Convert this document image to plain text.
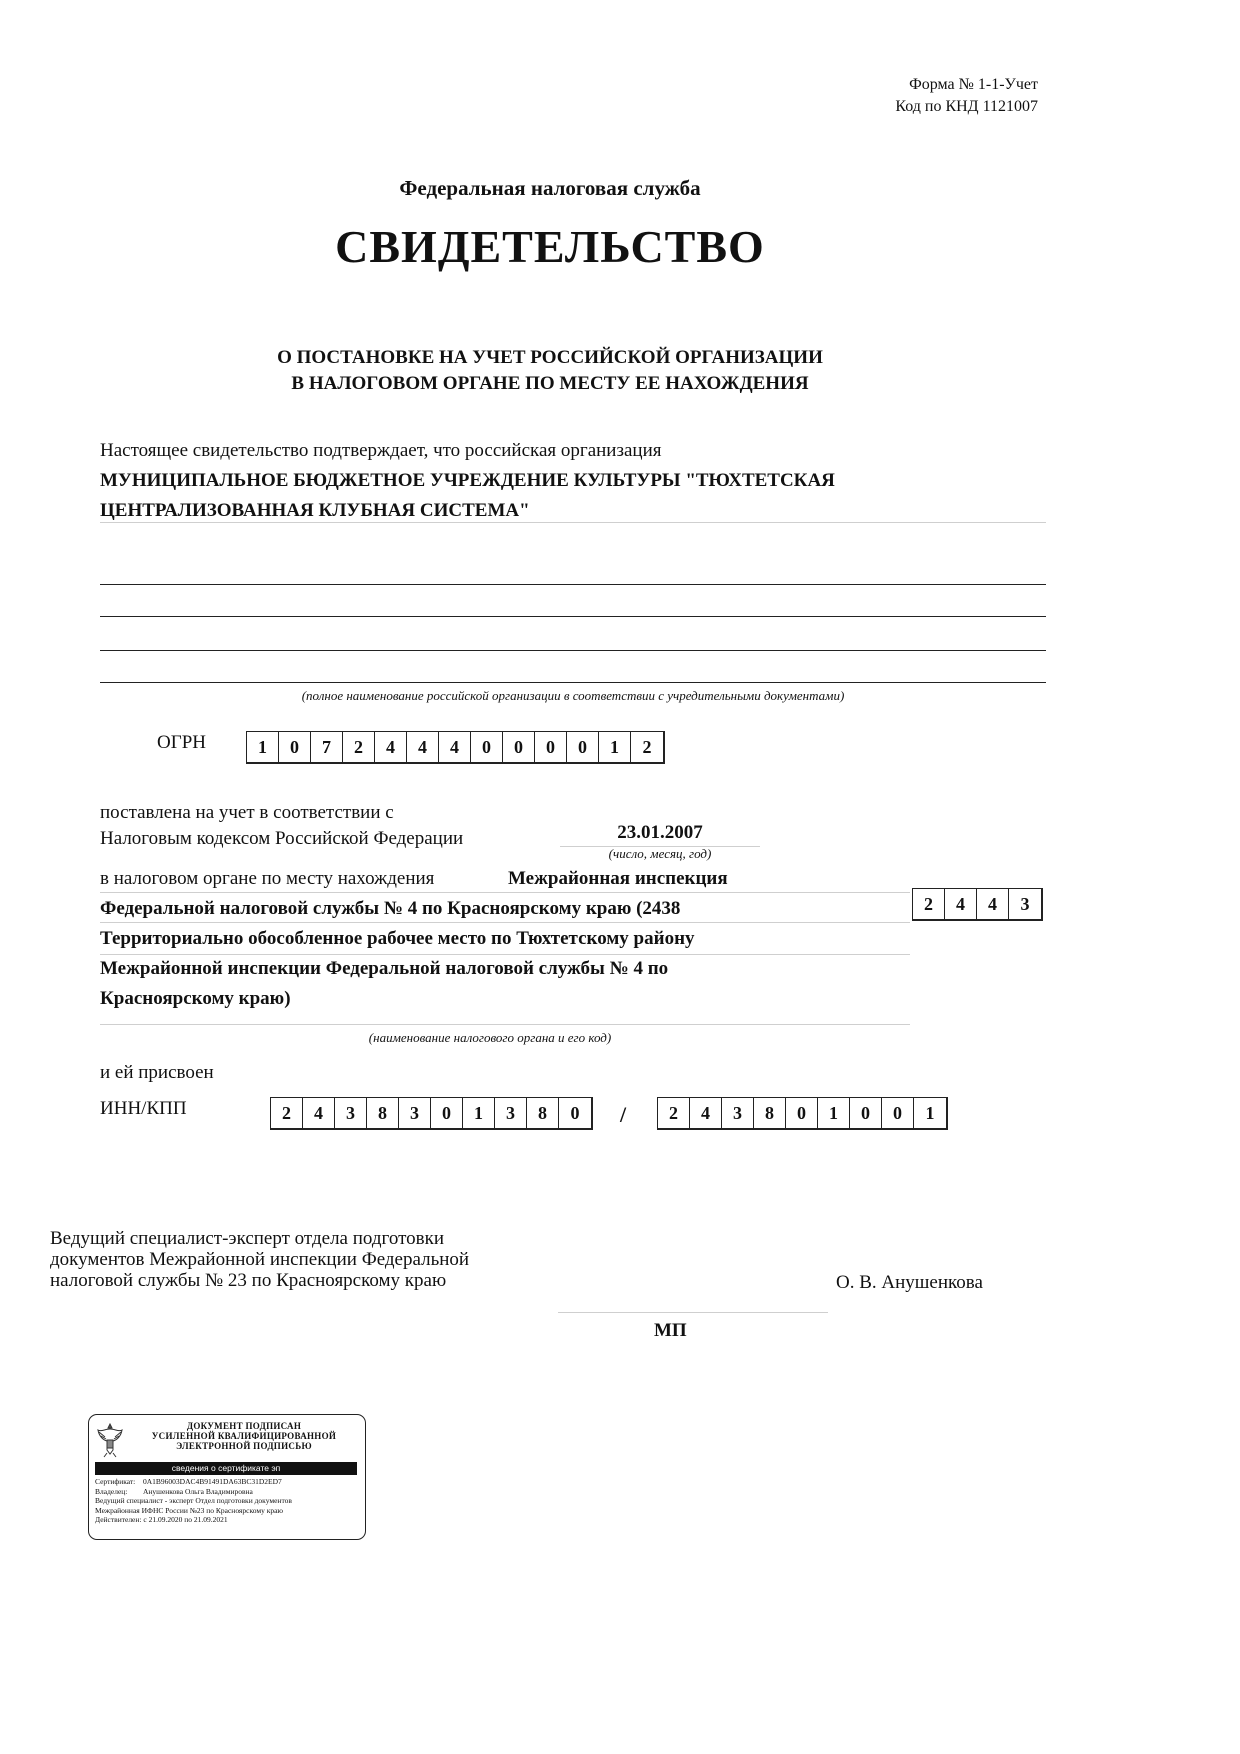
Форма № 1-1-Учет
Код по КНД 1121007
Федеральная налоговая служба
СВИДЕТЕЛЬСТВО
О ПОСТАНОВКЕ НА УЧЕТ РОССИЙСКОЙ ОРГАНИЗАЦИИ
В НАЛОГОВОМ ОРГАНЕ ПО МЕСТУ ЕЕ НАХОЖДЕНИЯ
Настоящее свидетельство подтверждает, что российская организация
МУНИЦИПАЛЬНОЕ БЮДЖЕТНОЕ УЧРЕЖДЕНИЕ КУЛЬТУРЫ "ТЮХТЕТСКАЯ
ЦЕНТРАЛИЗОВАННАЯ КЛУБНАЯ СИСТЕМА"
(полное наименование российской организации в соответствии с учредительными документами)
ОГРН	1	0	7	2	4	4	4	0	0	0	0	1	2
поставлена на учет в соответствии с
Налоговым кодексом Российской Федерации	23.01.2007
(число, месяц, год)
в налоговом органе по месту нахождения	Межрайонная инспекция
Федеральной налоговой службы № 4 по Красноярскому краю (2438
Территориально обособленное рабочее место по Тюхтетскому району
Межрайонной инспекции Федеральной налоговой службы № 4 по
Красноярскому краю)
2	4	4	3
(наименование налогового органа и его код)
и ей присвоен
ИНН/КПП	2	4	3	8	3	0	1	3	8	0	/	2	4	3	8	0	1	0	0	1
Ведущий специалист-эксперт отдела подготовки
документов Межрайонной инспекции Федеральной
налоговой службы № 23 по Красноярскому краю	О. В. Анушенкова
МП
ДОКУМЕНТ ПОДПИСАН
УСИЛЕННОЙ КВАЛИФИЦИРОВАННОЙ
ЭЛЕКТРОННОЙ ПОДПИСЬЮ
сведения о сертификате эп
Сертификат:	0A1B96003DAC4B91491DA63BC31D2ED7
Владелец:	Анушенкова Ольга Владимировна
Ведущий специалист - эксперт Отдел подготовки документов
Межрайонная ИФНС России №23 по Красноярскому краю
Действителен: с 21.09.2020 по 21.09.2021
